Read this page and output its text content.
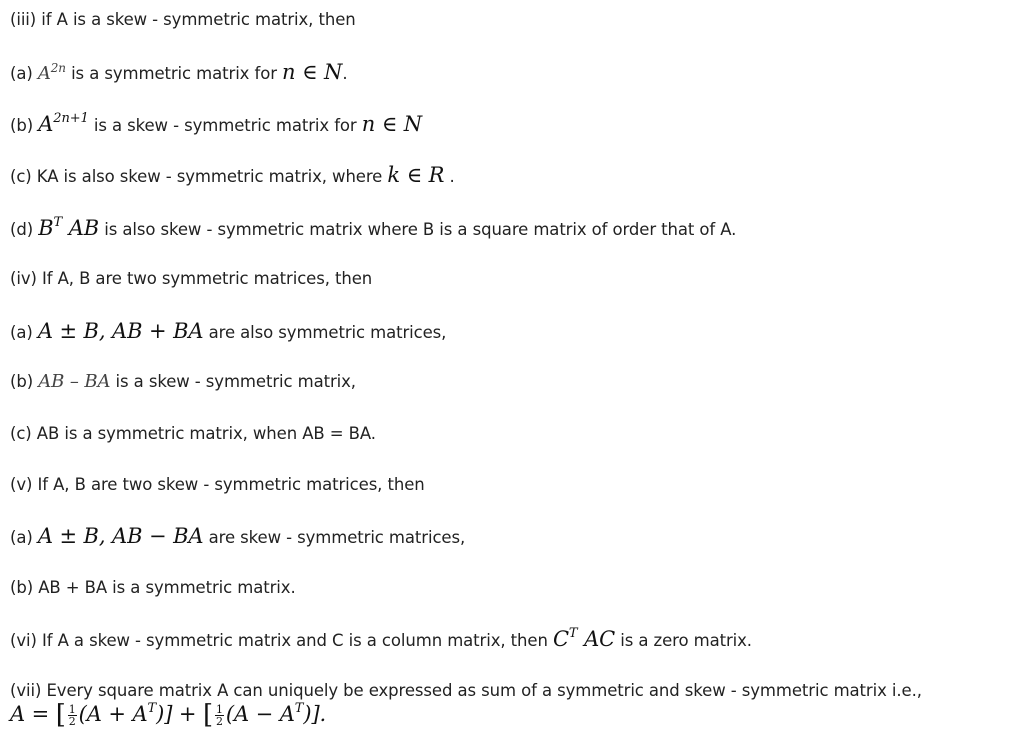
(iii) if A is a skew - symmetric matrix, then
(a) $A^{2n}$ is a symmetric matrix for n ∈ N.
(b) $A^{2n+1}$ is a skew - symmetric matrix for n ∈ N
(c) KA is also skew - symmetric matrix, where k ∈ R .
(d) $B^T$ AB is also skew - symmetric matrix where B is a square matrix of order that of A.
(iv) If A, B are two symmetric matrices, then
(a) A ± B, AB + BA are also symmetric matrices,
(b) AB – BA is a skew - symmetric matrix,
(c) AB is a symmetric matrix, when AB = BA.
(v) If A, B are two skew - symmetric matrices, then
(a) A ± B, AB − BA are skew - symmetric matrices,
(b) AB + BA is a symmetric matrix.
(vi) If A a skew - symmetric matrix and C is a column matrix, then $C^T$ AC is a zero matrix.
(vii) Every square matrix A can uniquely be expressed as sum of a symmetric and skew - symmetric matrix i.e.,
A = [ $\frac{1}{2} (A + A^T)$] + [ $\frac{1}{2} (A - A^T)$].
